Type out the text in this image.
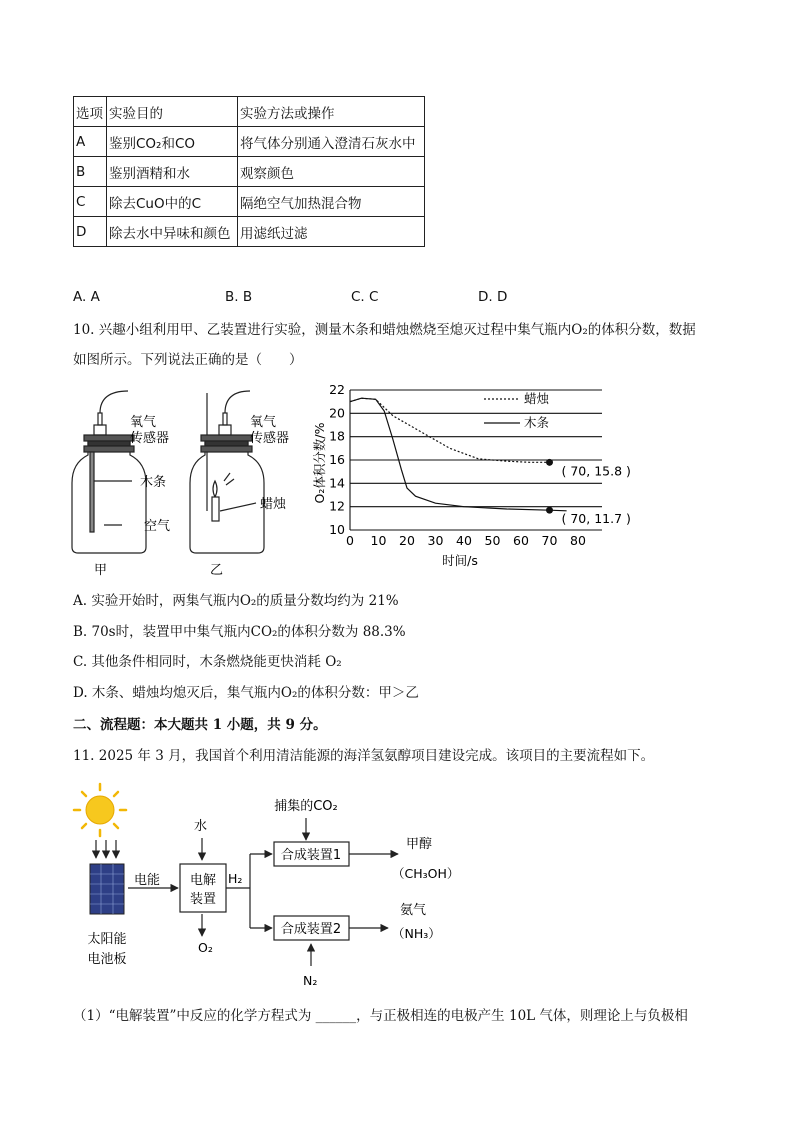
选项	实验目的	实验方法或操作
A	鉴别CO₂和CO	将气体分别通入澄清石灰水中
B	鉴别酒精和水	观察颜色
C	除去CuO中的C	隔绝空气加热混合物
D	除去水中异味和颜色	用滤纸过滤
A. A	B. B	C. C	D. D
10. 兴趣小组利用甲、乙装置进行实验，测量木条和蜡烛燃烧至熄灭过程中集气瓶内O₂的体积分数，数据
如图所示。下列说法正确的是（　　）
氧气
传感器
氧气
传感器
木条
空气
蜡烛
甲	乙
10
12
14
16
18
20
22
0 10 20 30 40 50 60 70 80
蜡烛
木条
( 70, 15.8 )
( 70, 11.7 )
O₂体积分数/%
时间/s
A. 实验开始时，两集气瓶内O₂的质量分数均约为 21%
B. 70s时，装置甲中集气瓶内CO₂的体积分数为 88.3%
C. 其他条件相同时，木条燃烧能更快消耗 O₂
D. 木条、蜡烛均熄灭后，集气瓶内O₂的体积分数：甲＞乙
二、流程题：本大题共 1 小题，共 9 分。
11. 2025 年 3 月，我国首个利用清洁能源的海洋氢氨醇项目建设完成。该项目的主要流程如下。
太阳能
电池板
电能
水
电解
装置
O₂
H₂
捕集的CO₂
合成装置1
甲醇
（CH₃OH）
合成装置2
氨气
（NH₃）
N₂
（1）“电解装置”中反应的化学方程式为 ______，与正极相连的电极产生 10L 气体，则理论上与负极相
